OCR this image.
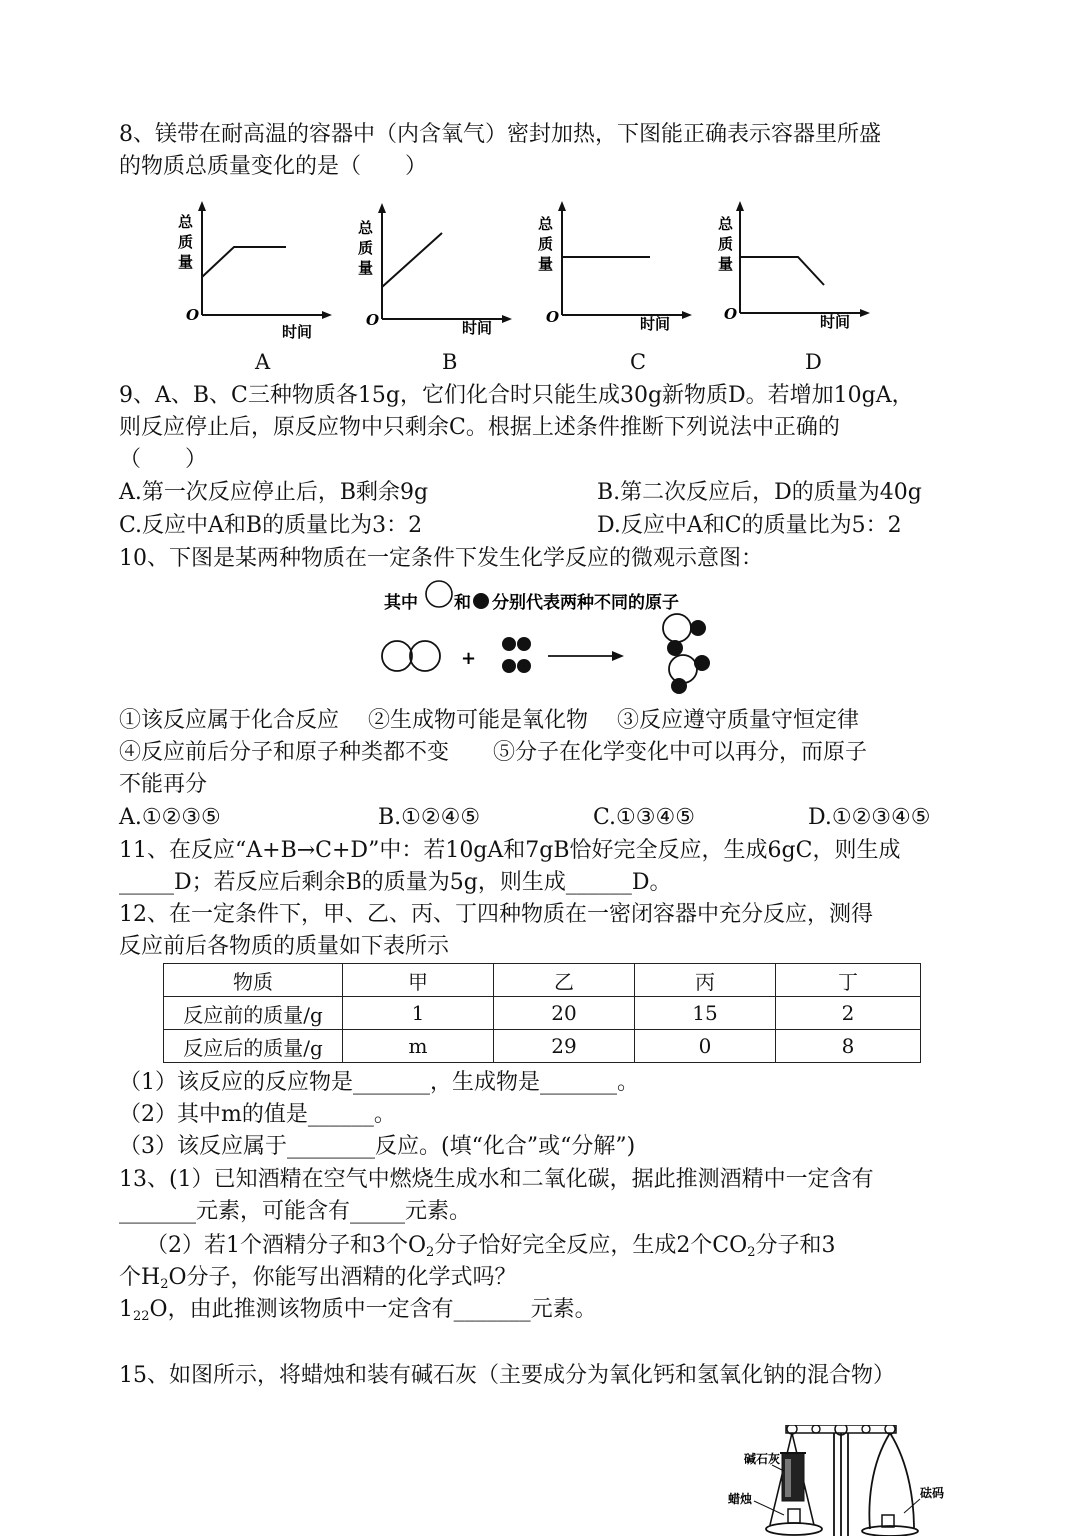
8、镁带在耐高温的容器中（内含氧气）密封加热，下图能正确表示容器里所盛
的物质总质量变化的是（　　）
总
质
量
O
时间
总
质
量
O	时间
总
质
量
O	时间
总
质
量
O	时间
A	B	C	D
9、A、B、C三种物质各15g，它们化合时只能生成30g新物质D。若增加10gA，
则反应停止后，原反应物中只剩余C。根据上述条件推断下列说法中正确的
（　　）
A.第一次反应停止后，B剩余9g	B.第二次反应后，D的质量为40g
C.反应中A和B的质量比为3：2	D.反应中A和C的质量比为5：2
10、下图是某两种物质在一定条件下发生化学反应的微观示意图：
其中 和 分别代表两种不同的原子
+
①该反应属于化合反应　 ②生成物可能是氧化物　 ③反应遵守质量守恒定律
④反应前后分子和原子种类都不变　　⑤分子在化学变化中可以再分，而原子
不能再分
A.①②③⑤	B.①②④⑤	C.①③④⑤	D.①②③④⑤
11、在反应“A+B→C+D”中：若10gA和7gB恰好完全反应，生成6gC，则生成
_____D；若反应后剩余B的质量为5g，则生成______D。
12、在一定条件下，甲、乙、丙、丁四种物质在一密闭容器中充分反应，测得
反应前后各物质的质量如下表所示
物质	甲	乙	丙	丁
反应前的质量/g	1	20	15	2
反应后的质量/g	m	29	0	8
（1）该反应的反应物是_______，生成物是_______。
（2）其中m的值是______。
（3）该反应属于________反应。(填“化合”或“分解”)
13、(1）已知酒精在空气中燃烧生成水和二氧化碳，据此推测酒精中一定含有
_______元素，可能含有_____元素。
（2）若1个酒精分子和3个$O_2$分子恰好完全反应，生成2个$CO_2$分子和3
个$H_2O$分子，你能写出酒精的化学式吗？
$1_{22}O$，由此推测该物质中一定含有_______元素。
15、如图所示，将蜡烛和装有碱石灰（主要成分为氧化钙和氢氧化钠的混合物）
碱石灰
蜡烛	砝码
